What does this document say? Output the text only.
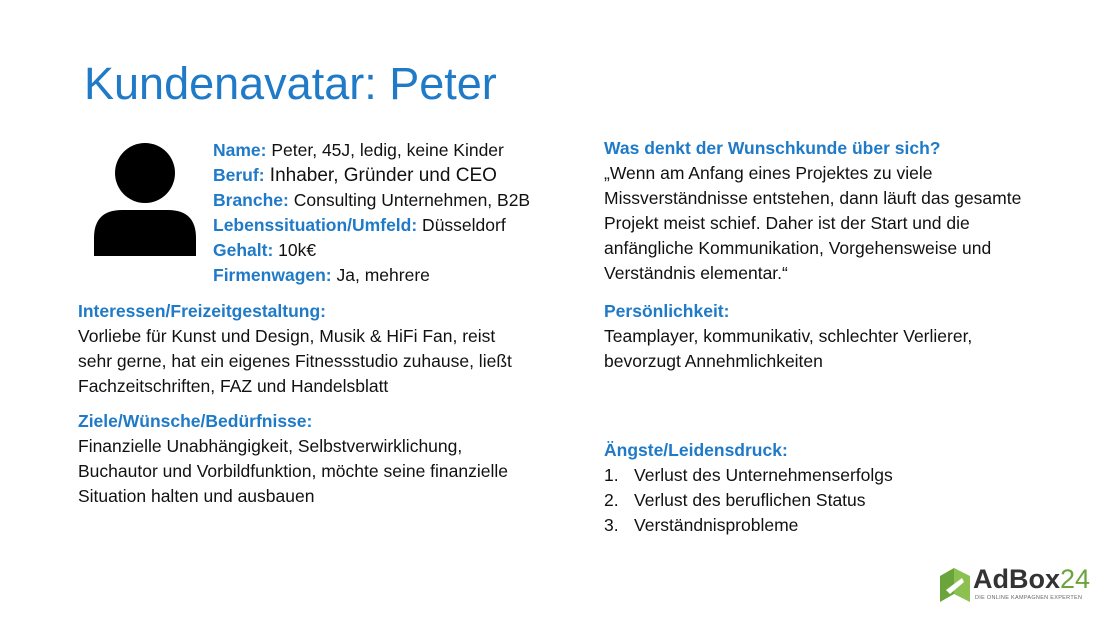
Kundenavatar: Peter
Name: Peter, 45J, ledig, keine Kinder
Beruf: Inhaber, Gründer und CEO
Branche: Consulting Unternehmen, B2B
Lebenssituation/Umfeld: Düsseldorf
Gehalt: 10k€
Firmenwagen: Ja, mehrere
Interessen/Freizeitgestaltung:
Vorliebe für Kunst und Design, Musik & HiFi Fan, reist
sehr gerne, hat ein eigenes Fitnessstudio zuhause, ließt
Fachzeitschriften, FAZ und Handelsblatt
Ziele/Wünsche/Bedürfnisse:
Finanzielle Unabhängigkeit, Selbstverwirklichung,
Buchautor und Vorbildfunktion, möchte seine finanzielle
Situation halten und ausbauen
Was denkt der Wunschkunde über sich?
„Wenn am Anfang eines Projektes zu viele
Missverständnisse entstehen, dann läuft das gesamte
Projekt meist schief. Daher ist der Start und die
anfängliche Kommunikation, Vorgehensweise und
Verständnis elementar.“
Persönlichkeit:
Teamplayer, kommunikativ, schlechter Verlierer,
bevorzugt Annehmlichkeiten
Ängste/Leidensdruck:
1. Verlust des Unternehmenserfolgs
2. Verlust des beruflichen Status
3. Verständnisprobleme
AdBox24
DIE ONLINE KAMPAGNEN EXPERTEN
